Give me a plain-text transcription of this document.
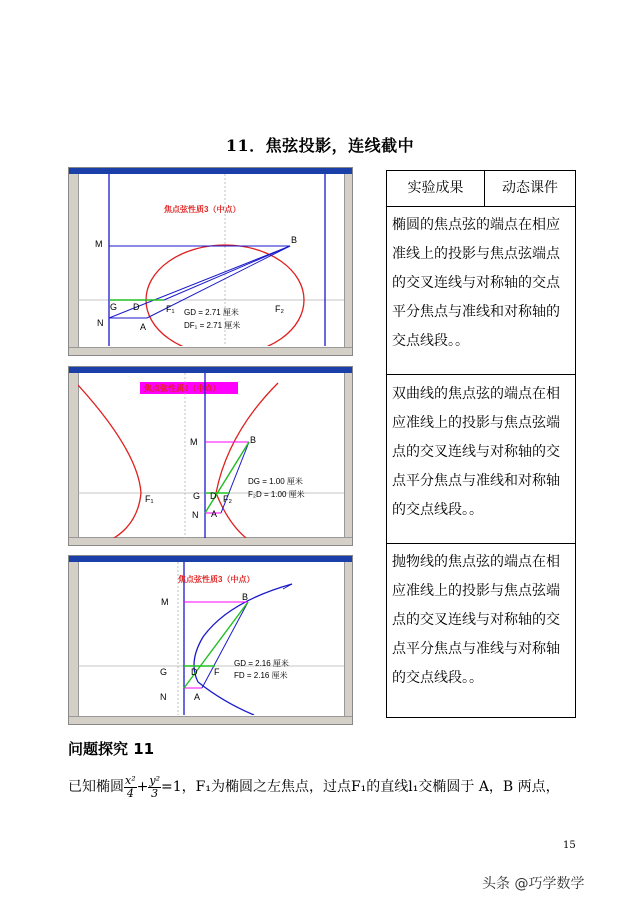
11．焦弦投影，连线截中
焦点弦性质3（中点）
M	B
G D	F₁	F₂
N	A
GD = 2.71 厘米
DF₁ = 2.71 厘米
焦点弦性质3（中点）
M	B
G D
F₁	F₂
N A
DG = 1.00 厘米
F₂D = 1.00 厘米
焦点弦性质3（中点）
M	B
G	D F
N	A
GD = 2.16 厘米
FD = 2.16 厘米
实验成果	动态课件
椭圆的焦点弦的端点在相应准线上的投影与焦点弦端点的交叉连线与对称轴的交点平分焦点与准线和对称轴的交点线段。。
双曲线的焦点弦的端点在相应准线上的投影与焦点弦端点的交叉连线与对称轴的交点平分焦点与准线和对称轴的交点线段。。
抛物线的焦点弦的端点在相应准线上的投影与焦点弦端点的交叉连线与对称轴的交点平分焦点与准线与对称轴的交点线段。。
问题探究 11
已知椭圆 $\frac{\text{x²}}{4} + \frac{\text{y²}}{3} =1$，F₁为椭圆之左焦点，过点F₁的直线l₁交椭圆于 A，B 两点，
15
头条 @巧学数学
